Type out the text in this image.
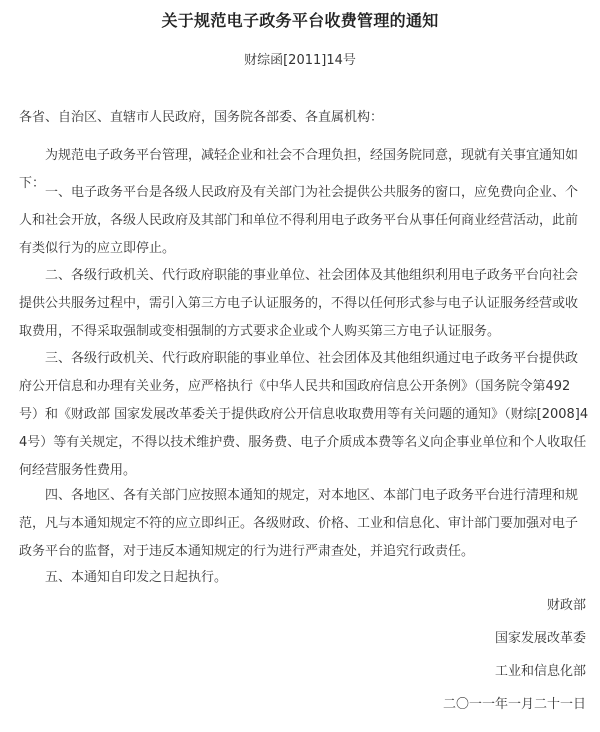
关于规范电子政务平台收费管理的通知
财综函[2011]14号

各省、自治区、直辖市人民政府，国务院各部委、各直属机构：

为规范电子政务平台管理，减轻企业和社会不合理负担，经国务院同意，现就有关事宜通知如下：

一、电子政务平台是各级人民政府及有关部门为社会提供公共服务的窗口，应免费向企业、个人和社会开放，各级人民政府及其部门和单位不得利用电子政务平台从事任何商业经营活动，此前有类似行为的应立即停止。

二、各级行政机关、代行政府职能的事业单位、社会团体及其他组织利用电子政务平台向社会提供公共服务过程中，需引入第三方电子认证服务的，不得以任何形式参与电子认证服务经营或收取费用，不得采取强制或变相强制的方式要求企业或个人购买第三方电子认证服务。

三、各级行政机关、代行政府职能的事业单位、社会团体及其他组织通过电子政务平台提供政府公开信息和办理有关业务，应严格执行《中华人民共和国政府信息公开条例》（国务院令第492号）和《财政部 国家发展改革委关于提供政府公开信息收取费用等有关问题的通知》（财综[2008]44号）等有关规定，不得以技术维护费、服务费、电子介质成本费等名义向企事业单位和个人收取任何经营服务性费用。

四、各地区、各有关部门应按照本通知的规定，对本地区、本部门电子政务平台进行清理和规范，凡与本通知规定不符的应立即纠正。各级财政、价格、工业和信息化、审计部门要加强对电子政务平台的监督，对于违反本通知规定的行为进行严肃查处，并追究行政责任。

五、本通知自印发之日起执行。

财政部
国家发展改革委
工业和信息化部
二〇一一年一月二十一日
